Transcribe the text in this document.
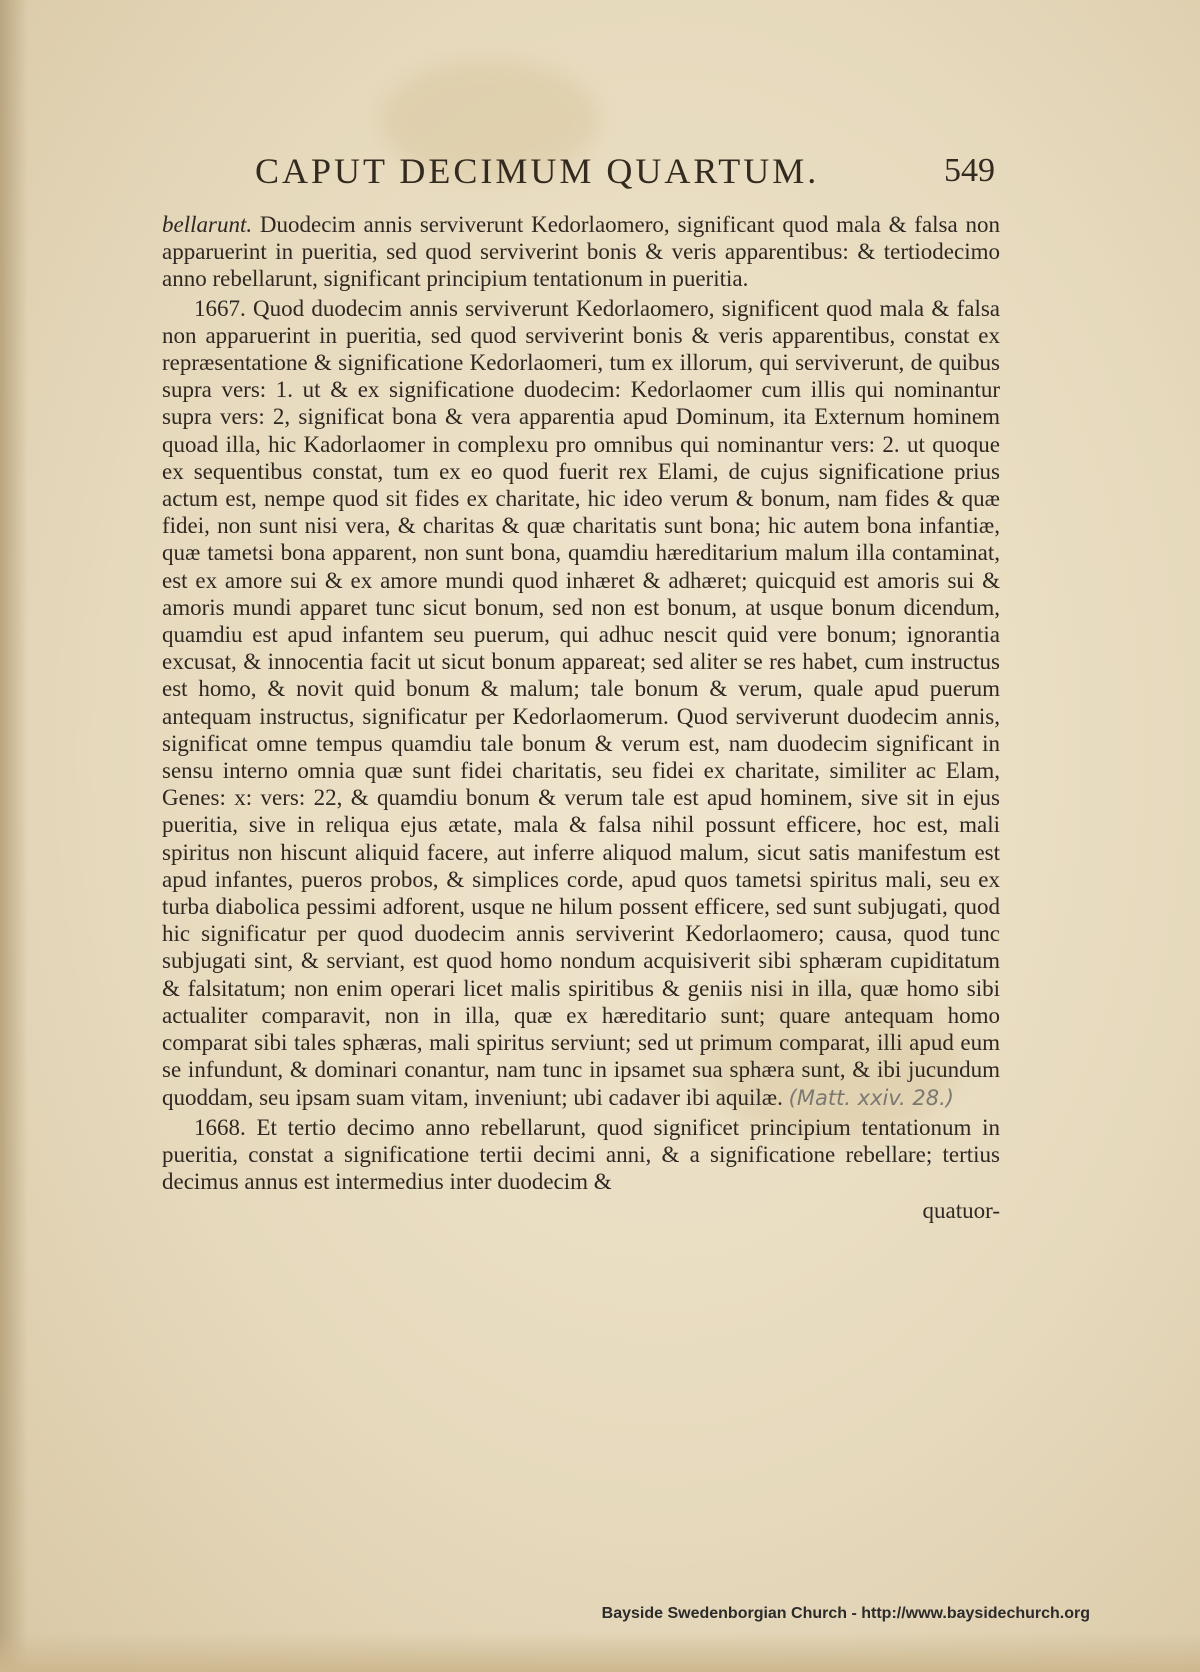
CAPUT DECIMUM QUARTUM.	549

bellarunt. Duodecim annis serviverunt Kedorlaomero, significant quod mala & falsa non apparuerint in pueritia, sed quod serviverint bonis & veris apparentibus: & tertiodecimo anno rebellarunt, significant principium tentationum in pueritia.

1667. Quod duodecim annis serviverunt Kedorlaomero, significent quod mala & falsa non apparuerint in pueritia, sed quod serviverint bonis & veris apparentibus, constat ex repræsentatione & significatione Kedorlaomeri, tum ex illorum, qui serviverunt, de quibus supra vers: 1. ut & ex significatione duodecim: Kedorlaomer cum illis qui nominantur supra vers: 2, significat bona & vera apparentia apud Dominum, ita Externum hominem quoad illa, hic Kadorlaomer in complexu pro omnibus qui nominantur vers: 2. ut quoque ex sequentibus constat, tum ex eo quod fuerit rex Elami, de cujus significatione prius actum est, nempe quod sit fides ex charitate, hic ideo verum & bonum, nam fides & quæ fidei, non sunt nisi vera, & charitas & quæ charitatis sunt bona; hic autem bona infantiæ, quæ tametsi bona apparent, non sunt bona, quamdiu hæreditarium malum illa contaminat, est ex amore sui & ex amore mundi quod inhæret & adhæret; quicquid est amoris sui & amoris mundi apparet tunc sicut bonum, sed non est bonum, at usque bonum dicendum, quamdiu est apud infantem seu puerum, qui adhuc nescit quid vere bonum; ignorantia excusat, & innocentia facit ut sicut bonum appareat; sed aliter se res habet, cum instructus est homo, & novit quid bonum & malum; tale bonum & verum, quale apud puerum antequam instructus, significatur per Kedorlaomerum. Quod serviverunt duodecim annis, significat omne tempus quamdiu tale bonum & verum est, nam duodecim significant in sensu interno omnia quæ sunt fidei charitatis, seu fidei ex charitate, similiter ac Elam, Genes: x: vers: 22, & quamdiu bonum & verum tale est apud hominem, sive sit in ejus pueritia, sive in reliqua ejus ætate, mala & falsa nihil possunt efficere, hoc est, mali spiritus non hiscunt aliquid facere, aut inferre aliquod malum, sicut satis manifestum est apud infantes, pueros probos, & simplices corde, apud quos tametsi spiritus mali, seu ex turba diabolica pessimi adforent, usque ne hilum possent efficere, sed sunt subjugati, quod hic significatur per quod duodecim annis serviverint Kedorlaomero; causa, quod tunc subjugati sint, & serviant, est quod homo nondum acquisiverit sibi sphæram cupiditatum & falsitatum; non enim operari licet malis spiritibus & geniis nisi in illa, quæ homo sibi actualiter comparavit, non in illa, quæ ex hæreditario sunt; quare antequam homo comparat sibi tales sphæras, mali spiritus serviunt; sed ut primum comparat, illi apud eum se infundunt, & dominari conantur, nam tunc in ipsamet sua sphæra sunt, & ibi jucundum quoddam, seu ipsam suam vitam, inveniunt; ubi cadaver ibi aquilæ. (Matt. xxiv. 28.)

1668. Et tertio decimo anno rebellarunt, quod significet principium tentationum in pueritia, constat a significatione tertii decimi anni, & a significatione rebellare; tertius decimus annus est intermedius inter duodecim &

quatuor-

Bayside Swedenborgian Church - http://www.baysidechurch.org
